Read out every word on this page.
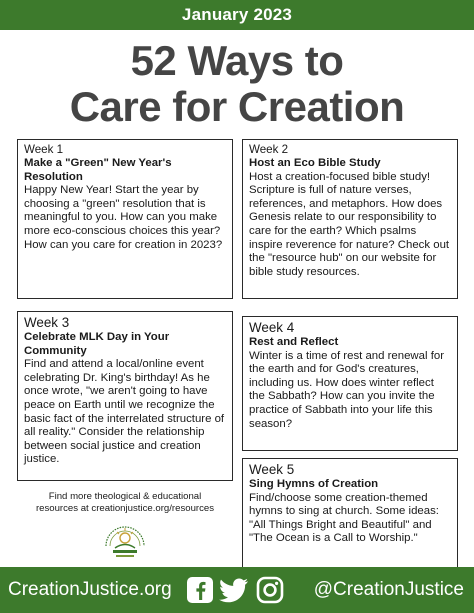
January 2023
52 Ways to
Care for Creation
Week 1
Make a "Green" New Year's Resolution
Happy New Year! Start the year by choosing a "green" resolution that is meaningful to you. How can you make more eco-conscious choices this year? How can you care for creation in 2023?
Week 2
Host an Eco Bible Study
Host a creation-focused bible study! Scripture is full of nature verses, references, and metaphors. How does Genesis relate to our responsibility to care for the earth? Which psalms inspire reverence for nature? Check out the "resource hub" on our website for bible study resources.
Week 3
Celebrate MLK Day in Your Community
Find and attend a local/online event celebrating Dr. King's birthday! As he once wrote, "we aren't going to have peace on Earth until we recognize the basic fact of the interrelated structure of all reality." Consider the relationship between social justice and creation justice.
Week 4
Rest and Reflect
Winter is a time of rest and renewal for the earth and for God's creatures, including us. How does winter reflect the Sabbath? How can you invite the practice of Sabbath into your life this season?
Week 5
Sing Hymns of Creation
Find/choose some creation-themed hymns to sing at church. Some ideas: "All Things Bright and Beautiful" and "The Ocean is a Call to Worship."
Find more theological & educational
resources at creationjustice.org/resources
CreationJustice.org	@CreationJustice
